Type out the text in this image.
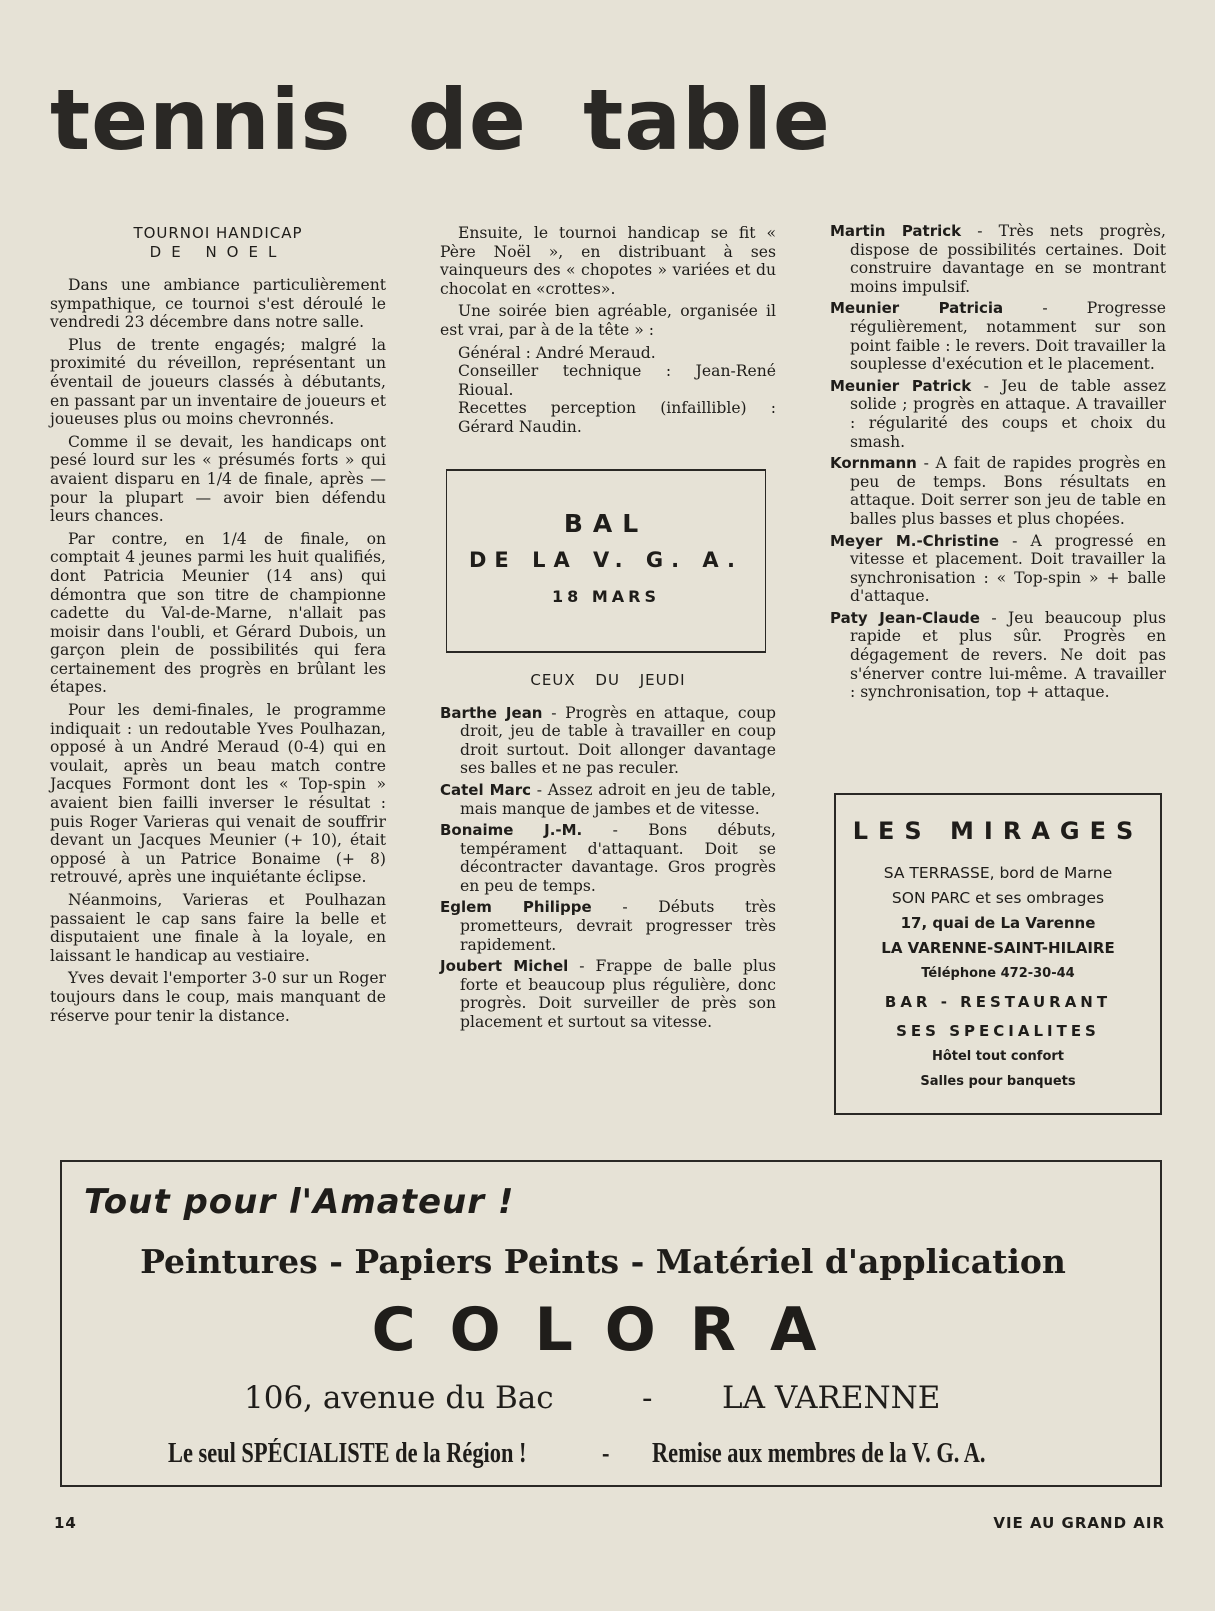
tennis de table
TOURNOI HANDICAP
DE NOEL

Dans une ambiance particulièrement sympathique, ce tournoi s'est déroulé le vendredi 23 décembre dans notre salle.

Plus de trente engagés; malgré la proximité du réveillon, représentant un éventail de joueurs classés à débutants, en passant par un inventaire de joueurs et joueuses plus ou moins chevronnés.

Comme il se devait, les handicaps ont pesé lourd sur les « présumés forts » qui avaient disparu en 1/4 de finale, après — pour la plupart — avoir bien défendu leurs chances.

Par contre, en 1/4 de finale, on comptait 4 jeunes parmi les huit qualifiés, dont Patricia Meunier (14 ans) qui démontra que son titre de championne cadette du Val-de-Marne, n'allait pas moisir dans l'oubli, et Gérard Dubois, un garçon plein de possibilités qui fera certainement des progrès en brûlant les étapes.

Pour les demi-finales, le programme indiquait : un redoutable Yves Poulhazan, opposé à un André Meraud (0-4) qui en voulait, après un beau match contre Jacques Formont dont les « Top-spin » avaient bien failli inverser le résultat : puis Roger Varieras qui venait de souffrir devant un Jacques Meunier (+ 10), était opposé à un Patrice Bonaime (+ 8) retrouvé, après une inquiétante éclipse.

Néanmoins, Varieras et Poulhazan passaient le cap sans faire la belle et disputaient une finale à la loyale, en laissant le handicap au vestiaire.

Yves devait l'emporter 3-0 sur un Roger toujours dans le coup, mais manquant de réserve pour tenir la distance.

Ensuite, le tournoi handicap se fit « Père Noël », en distribuant à ses vainqueurs des « chopotes » variées et du chocolat en «crottes».

Une soirée bien agréable, organisée il est vrai, par à de la tête » :

Général : André Meraud.
Conseiller technique : Jean-René Rioual.
Recettes perception (infaillible) : Gérard Naudin.
BAL
DE LA V. G. A.
18 MARS
CEUX DU JEUDI
Barthe Jean - Progrès en attaque, coup droit, jeu de table à travailler en coup droit surtout. Doit allonger davantage ses balles et ne pas reculer.
Catel Marc - Assez adroit en jeu de table, mais manque de jambes et de vitesse.
Bonaime J.-M. - Bons débuts, tempérament d'attaquant. Doit se décontracter davantage. Gros progrès en peu de temps.
Eglem Philippe - Débuts très prometteurs, devrait progresser très rapidement.
Joubert Michel - Frappe de balle plus forte et beaucoup plus régulière, donc progrès. Doit surveiller de près son placement et surtout sa vitesse.
Martin Patrick - Très nets progrès, dispose de possibilités certaines. Doit construire davantage en se montrant moins impulsif.
Meunier Patricia - Progresse régulièrement, notamment sur son point faible : le revers. Doit travailler la souplesse d'exécution et le placement.
Meunier Patrick - Jeu de table assez solide ; progrès en attaque. A travailler : régularité des coups et choix du smash.
Kornmann - A fait de rapides progrès en peu de temps. Bons résultats en attaque. Doit serrer son jeu de table en balles plus basses et plus chopées.
Meyer M.-Christine - A progressé en vitesse et placement. Doit travailler la synchronisation : « Top-spin » + balle d'attaque.
Paty Jean-Claude - Jeu beaucoup plus rapide et plus sûr. Progrès en dégagement de revers. Ne doit pas s'énerver contre lui-même. A travailler : synchronisation, top + attaque.
LES MIRAGES
SA TERRASSE, bord de Marne
SON PARC et ses ombrages
17, quai de La Varenne
LA VARENNE-SAINT-HILAIRE
Téléphone 472-30-44
BAR - RESTAURANT
SES SPECIALITES
Hôtel tout confort
Salles pour banquets
Tout pour l'Amateur !
Peintures - Papiers Peints - Matériel d'application
COLORA
106, avenue du Bac	- LA VARENNE
Le seul SPÉCIALISTE de la Région !	- Remise aux membres de la V. G. A.
14	VIE AU GRAND AIR
